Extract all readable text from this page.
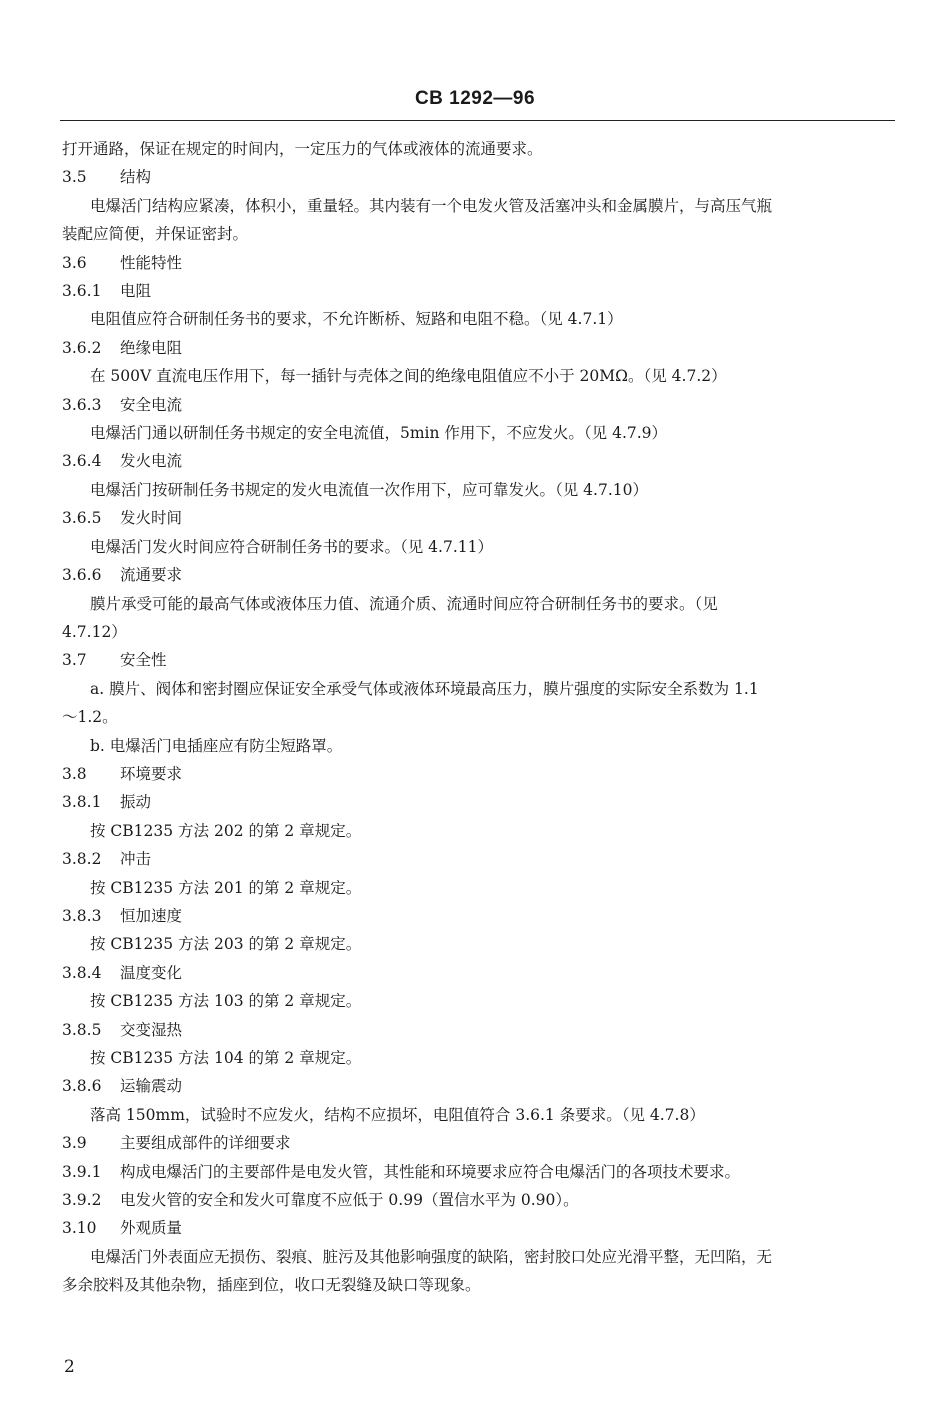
CB 1292—96

打开通路，保证在规定的时间内，一定压力的气体或液体的流通要求。

3.5 结构

电爆活门结构应紧凑，体积小，重量轻。其内装有一个电发火管及活塞冲头和金属膜片，与高压气瓶

装配应简便，并保证密封。

3.6 性能特性

3.6.1 电阻

电阻值应符合研制任务书的要求，不允许断桥、短路和电阻不稳。（见 4.7.1）

3.6.2 绝缘电阻

在 500V 直流电压作用下，每一插针与壳体之间的绝缘电阻值应不小于 20MΩ。（见 4.7.2）

3.6.3 安全电流

电爆活门通以研制任务书规定的安全电流值，5min 作用下，不应发火。（见 4.7.9）

3.6.4 发火电流

电爆活门按研制任务书规定的发火电流值一次作用下，应可靠发火。（见 4.7.10）

3.6.5 发火时间

电爆活门发火时间应符合研制任务书的要求。（见 4.7.11）

3.6.6 流通要求

膜片承受可能的最高气体或液体压力值、流通介质、流通时间应符合研制任务书的要求。（见

4.7.12）

3.7 安全性

a. 膜片、阀体和密封圈应保证安全承受气体或液体环境最高压力，膜片强度的实际安全系数为 1.1

～1.2。

b. 电爆活门电插座应有防尘短路罩。

3.8 环境要求

3.8.1 振动

按 CB1235 方法 202 的第 2 章规定。

3.8.2 冲击

按 CB1235 方法 201 的第 2 章规定。

3.8.3 恒加速度

按 CB1235 方法 203 的第 2 章规定。

3.8.4 温度变化

按 CB1235 方法 103 的第 2 章规定。

3.8.5 交变湿热

按 CB1235 方法 104 的第 2 章规定。

3.8.6 运输震动

落高 150mm，试验时不应发火，结构不应损坏，电阻值符合 3.6.1 条要求。（见 4.7.8）

3.9 主要组成部件的详细要求

3.9.1 构成电爆活门的主要部件是电发火管，其性能和环境要求应符合电爆活门的各项技术要求。

3.9.2 电发火管的安全和发火可靠度不应低于 0.99（置信水平为 0.90）。

3.10 外观质量

电爆活门外表面应无损伤、裂痕、脏污及其他影响强度的缺陷，密封胶口处应光滑平整，无凹陷，无

多余胶料及其他杂物，插座到位，收口无裂缝及缺口等现象。

2
